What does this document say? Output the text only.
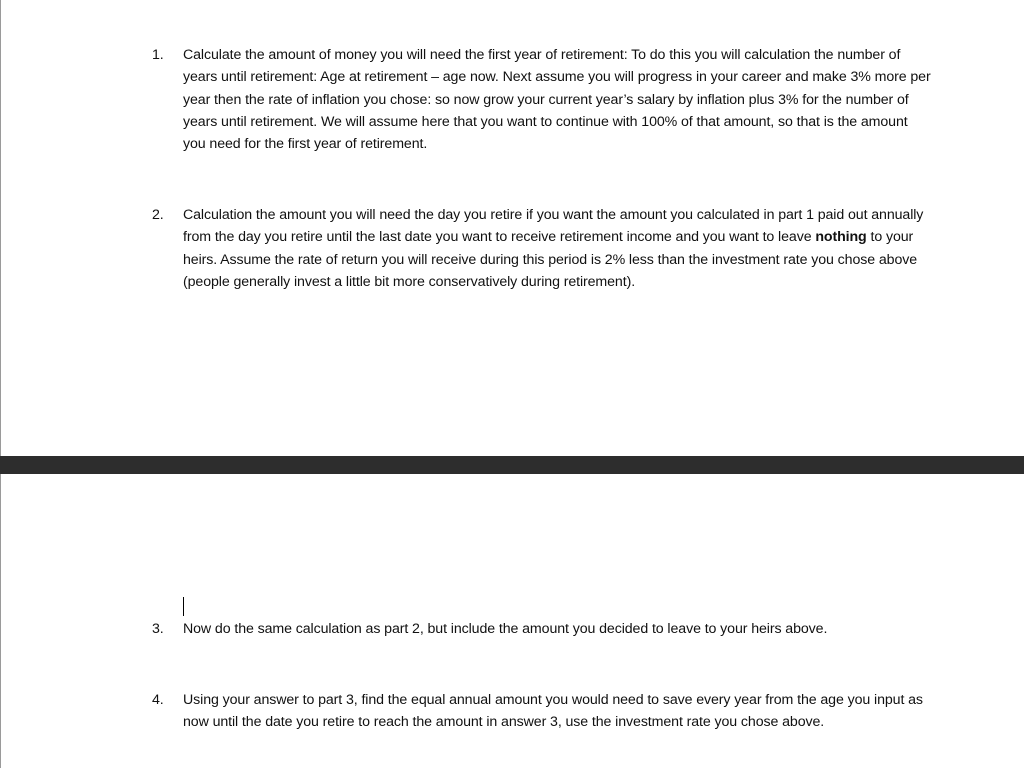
1.	Calculate the amount of money you will need the first year of retirement: To do this you will calculation the number of years until retirement: Age at retirement – age now. Next assume you will progress in your career and make 3% more per year then the rate of inflation you chose: so now grow your current year’s salary by inflation plus 3% for the number of years until retirement. We will assume here that you want to continue with 100% of that amount, so that is the amount you need for the first year of retirement.
2.	Calculation the amount you will need the day you retire if you want the amount you calculated in part 1 paid out annually from the day you retire until the last date you want to receive retirement income and you want to leave nothing to your heirs. Assume the rate of return you will receive during this period is 2% less than the investment rate you chose above (people generally invest a little bit more conservatively during retirement).
3.	Now do the same calculation as part 2, but include the amount you decided to leave to your heirs above.
4.	Using your answer to part 3, find the equal annual amount you would need to save every year from the age you input as now until the date you retire to reach the amount in answer 3, use the investment rate you chose above.
